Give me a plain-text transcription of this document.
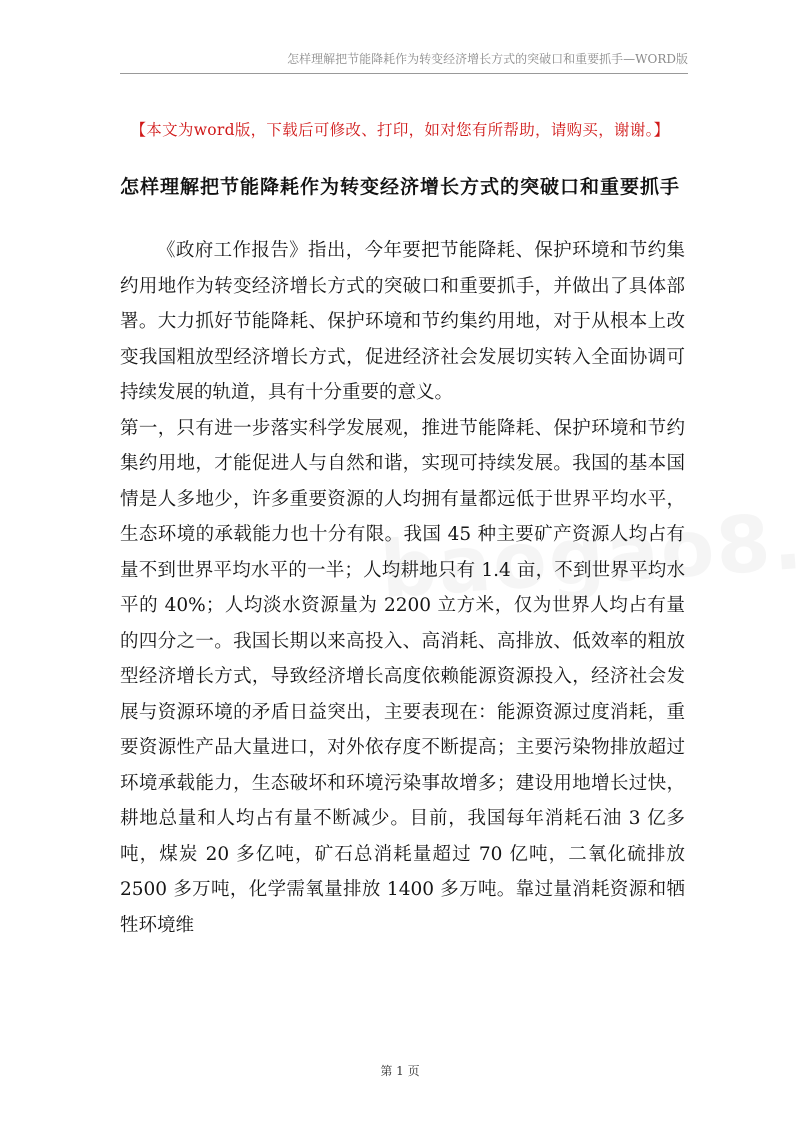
怎样理解把节能降耗作为转变经济增长方式的突破口和重要抓手—WORD版
【本文为word版，下载后可修改、打印，如对您有所帮助，请购买，谢谢。】
怎样理解把节能降耗作为转变经济增长方式的突破口和重要抓手

《政府工作报告》指出，今年要把节能降耗、保护环境和节约集约用地作为转变经济增长方式的突破口和重要抓手，并做出了具体部署。大力抓好节能降耗、保护环境和节约集约用地，对于从根本上改变我国粗放型经济增长方式，促进经济社会发展切实转入全面协调可持续发展的轨道，具有十分重要的意义。

第一，只有进一步落实科学发展观，推进节能降耗、保护环境和节约集约用地，才能促进人与自然和谐，实现可持续发展。我国的基本国情是人多地少，许多重要资源的人均拥有量都远低于世界平均水平，生态环境的承载能力也十分有限。我国 45 种主要矿产资源人均占有量不到世界平均水平的一半；人均耕地只有 1.4 亩，不到世界平均水平的 40%；人均淡水资源量为 2200 立方米，仅为世界人均占有量的四分之一。我国长期以来高投入、高消耗、高排放、低效率的粗放型经济增长方式，导致经济增长高度依赖能源资源投入，经济社会发展与资源环境的矛盾日益突出，主要表现在：能源资源过度消耗，重要资源性产品大量进口，对外依存度不断提高；主要污染物排放超过环境承载能力，生态破坏和环境污染事故增多；建设用地增长过快，耕地总量和人均占有量不断减少。目前，我国每年消耗石油 3 亿多吨，煤炭 20 多亿吨，矿石总消耗量超过 70 亿吨，二氧化硫排放 2500 多万吨，化学需氧量排放 1400 多万吨。靠过量消耗资源和牺牲环境维

第 1 页
